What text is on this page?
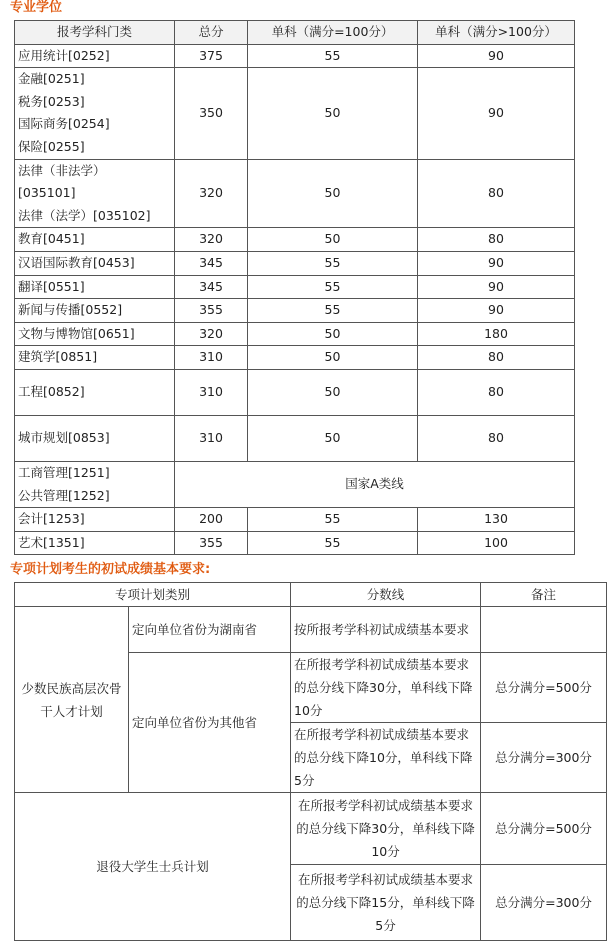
专业学位
报考学科门类	总分	单科（满分=100分）	单科（满分>100分）

应用统计[0252]	375	55	90

金融[0251]
税务[0253]
国际商务[0254]
保险[0255]	350	50	90

法律（非法学）
[035101]
法律（法学）[035102]	320	50	80

教育[0451]	320	50	80

汉语国际教育[0453]	345	55	90

翻译[0551]	345	55	90

新闻与传播[0552]	355	55	90

文物与博物馆[0651]	320	50	180

建筑学[0851]	310	50	80

工程[0852]	310	50	80

城市规划[0853]	310	50	80

工商管理[1251]
公共管理[1252]	国家A类线		

会计[1253]	200	55	130

艺术[1351]	355	55	100
专项计划考生的初试成绩基本要求:
专项计划类别		分数线	备注
少数民族高层次骨干人才计划	定向单位省份为湖南省	按所报考学科初试成绩基本要求	
	定向单位省份为其他省	在所报考学科初试成绩基本要求的总分线下降30分，单科线下降10分	总分满分=500分
		在所报考学科初试成绩基本要求的总分线下降10分，单科线下降5分	总分满分=300分
退役大学生士兵计划		在所报考学科初试成绩基本要求的总分线下降30分，单科线下降10分	总分满分=500分
		在所报考学科初试成绩基本要求的总分线下降15分，单科线下降5分	总分满分=300分
